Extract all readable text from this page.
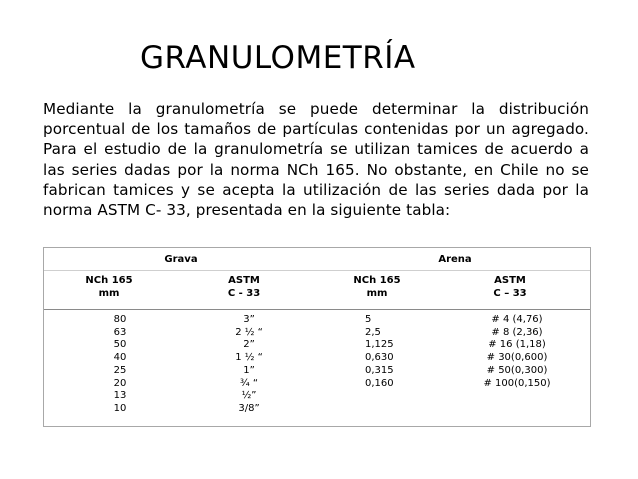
GRANULOMETRÍA

Mediante la granulometría se puede determinar la distribución porcentual de los tamaños de partículas contenidas por un agregado. Para el estudio de la granulometría se utilizan tamices de acuerdo a las series dadas por la norma NCh 165. No obstante, en Chile no se fabrican tamices y se acepta la utilización de las series dada por la norma ASTM C- 33, presentada en la siguiente tabla:

Grava	Arena
NCh 165
mm
ASTM
C - 33
NCh 165
mm
ASTM
C – 33
80
63
50
40
25
20
13
10
3”
2 ½ “
2”
1 ½ “
1”
¾ “
½”
3/8”
5
2,5
1,125
0,630
0,315
0,160
# 4 (4,76)
# 8 (2,36)
# 16 (1,18)
# 30(0,600)
# 50(0,300)
# 100(0,150)
